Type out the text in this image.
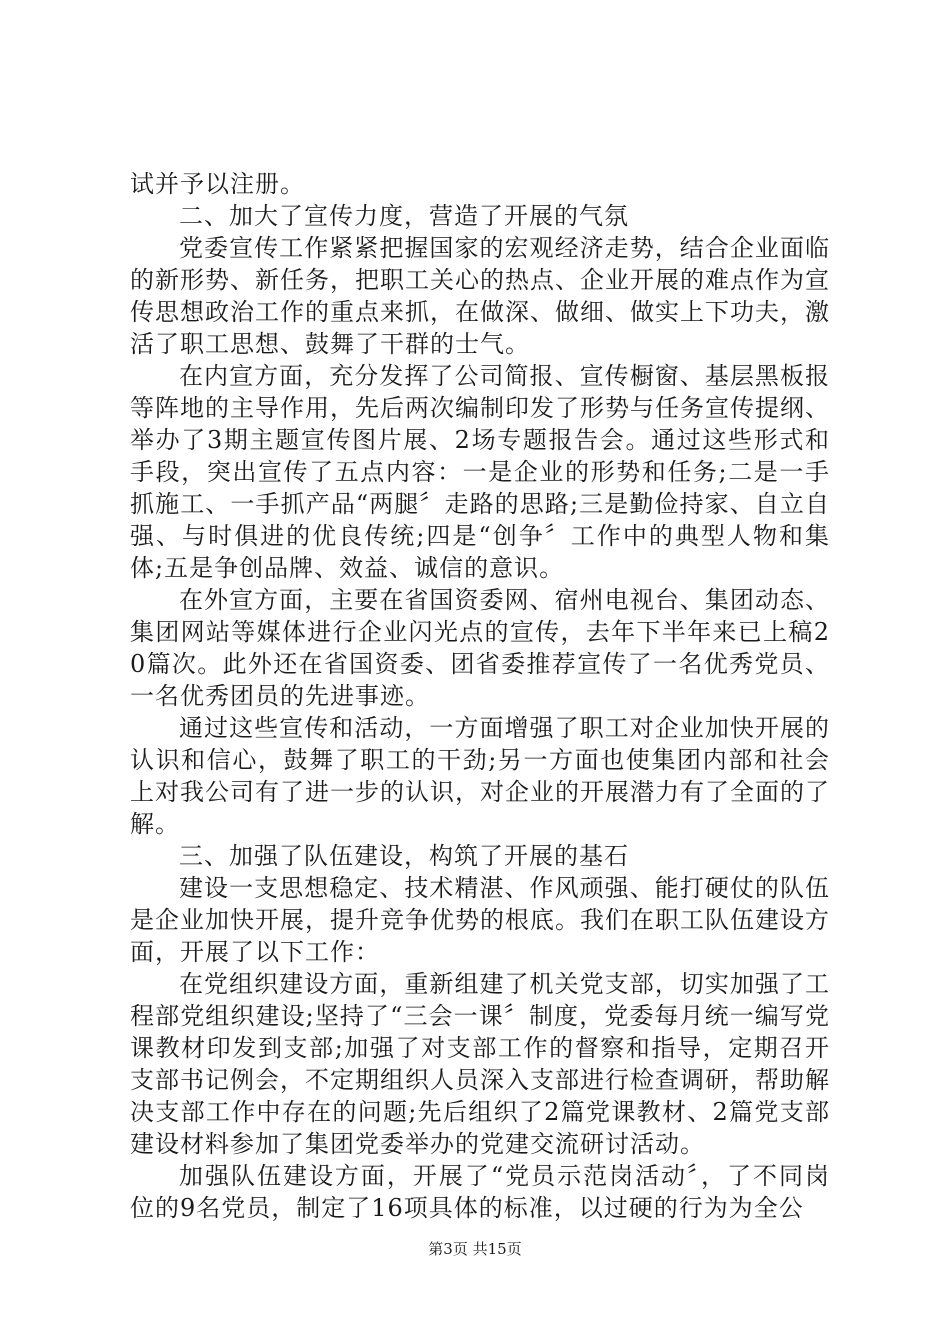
试并予以注册。

二、加大了宣传力度，营造了开展的气氛

党委宣传工作紧紧把握国家的宏观经济走势，结合企业面临的新形势、新任务，把职工关心的热点、企业开展的难点作为宣传思想政治工作的重点来抓，在做深、做细、做实上下功夫，激活了职工思想、鼓舞了干群的士气。

在内宣方面，充分发挥了公司简报、宣传橱窗、基层黑板报等阵地的主导作用，先后两次编制印发了形势与任务宣传提纲、举办了3期主题宣传图片展、2场专题报告会。通过这些形式和手段，突出宣传了五点内容：一是企业的形势和任务;二是一手抓施工、一手抓产品“两腿〞走路的思路;三是勤俭持家、自立自强、与时俱进的优良传统;四是“创争〞工作中的典型人物和集体;五是争创品牌、效益、诚信的意识。

在外宣方面，主要在省国资委网、宿州电视台、集团动态、集团网站等媒体进行企业闪光点的宣传，去年下半年来已上稿20篇次。此外还在省国资委、团省委推荐宣传了一名优秀党员、一名优秀团员的先进事迹。

通过这些宣传和活动，一方面增强了职工对企业加快开展的认识和信心，鼓舞了职工的干劲;另一方面也使集团内部和社会上对我公司有了进一步的认识，对企业的开展潜力有了全面的了解。

三、加强了队伍建设，构筑了开展的基石

建设一支思想稳定、技术精湛、作风顽强、能打硬仗的队伍是企业加快开展，提升竞争优势的根底。我们在职工队伍建设方面，开展了以下工作：

在党组织建设方面，重新组建了机关党支部，切实加强了工程部党组织建设;坚持了“三会一课〞制度，党委每月统一编写党课教材印发到支部;加强了对支部工作的督察和指导，定期召开支部书记例会，不定期组织人员深入支部进行检查调研，帮助解决支部工作中存在的问题;先后组织了2篇党课教材、2篇党支部建设材料参加了集团党委举办的党建交流研讨活动。

加强队伍建设方面，开展了“党员示范岗活动〞，了不同岗位的9名党员，制定了16项具体的标准，以过硬的行为为全公

第3页 共15页
